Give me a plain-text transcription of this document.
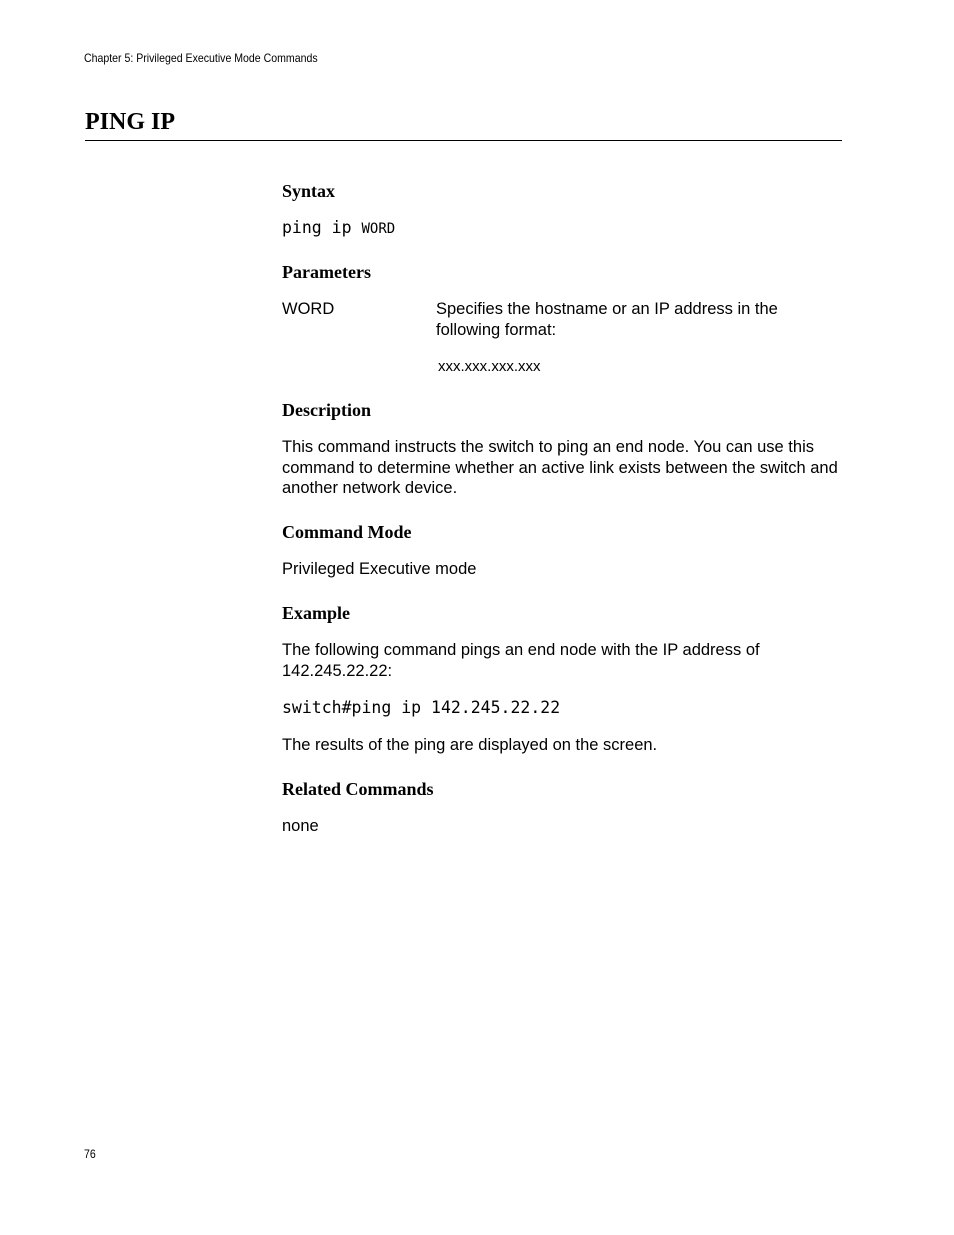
Chapter 5: Privileged Executive Mode Commands
PING IP
Syntax
ping ip WORD
Parameters
WORD	Specifies the hostname or an IP address in the following format:
xxx.xxx.xxx.xxx
Description

This command instructs the switch to ping an end node. You can use this command to determine whether an active link exists between the switch and another network device.

Command Mode

Privileged Executive mode

Example

The following command pings an end node with the IP address of 142.245.22.22:

switch#ping ip 142.245.22.22

The results of the ping are displayed on the screen.

Related Commands

none

76
